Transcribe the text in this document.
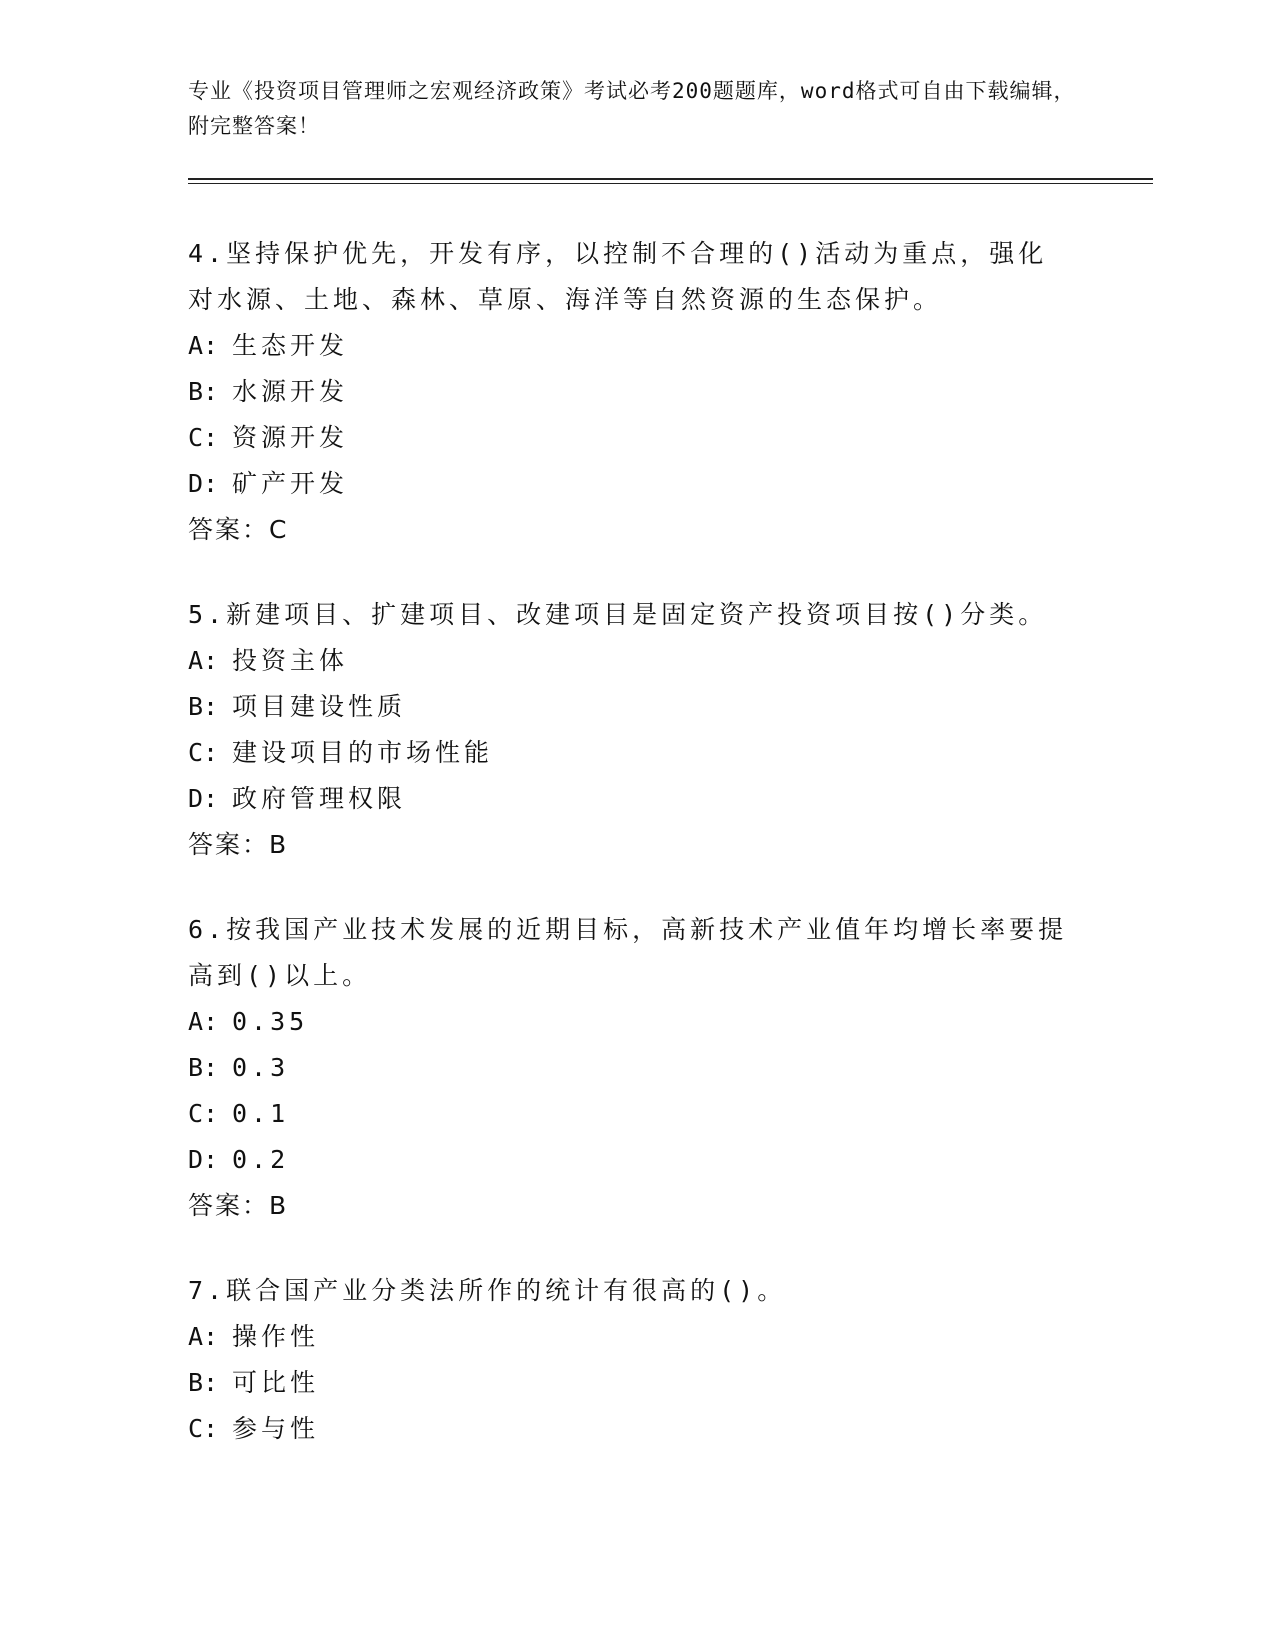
专业《投资项目管理师之宏观经济政策》考试必考200题题库，word格式可自由下载编辑，附完整答案！
4.坚持保护优先，开发有序，以控制不合理的()活动为重点，强化对水源、土地、森林、草原、海洋等自然资源的生态保护。
A: 生态开发
B: 水源开发
C: 资源开发
D: 矿产开发
答案：C
5.新建项目、扩建项目、改建项目是固定资产投资项目按()分类。
A: 投资主体
B: 项目建设性质
C: 建设项目的市场性能
D: 政府管理权限
答案：B
6.按我国产业技术发展的近期目标，高新技术产业值年均增长率要提高到()以上。
A: 0.35
B: 0.3
C: 0.1
D: 0.2
答案：B
7.联合国产业分类法所作的统计有很高的()。
A: 操作性
B: 可比性
C: 参与性
